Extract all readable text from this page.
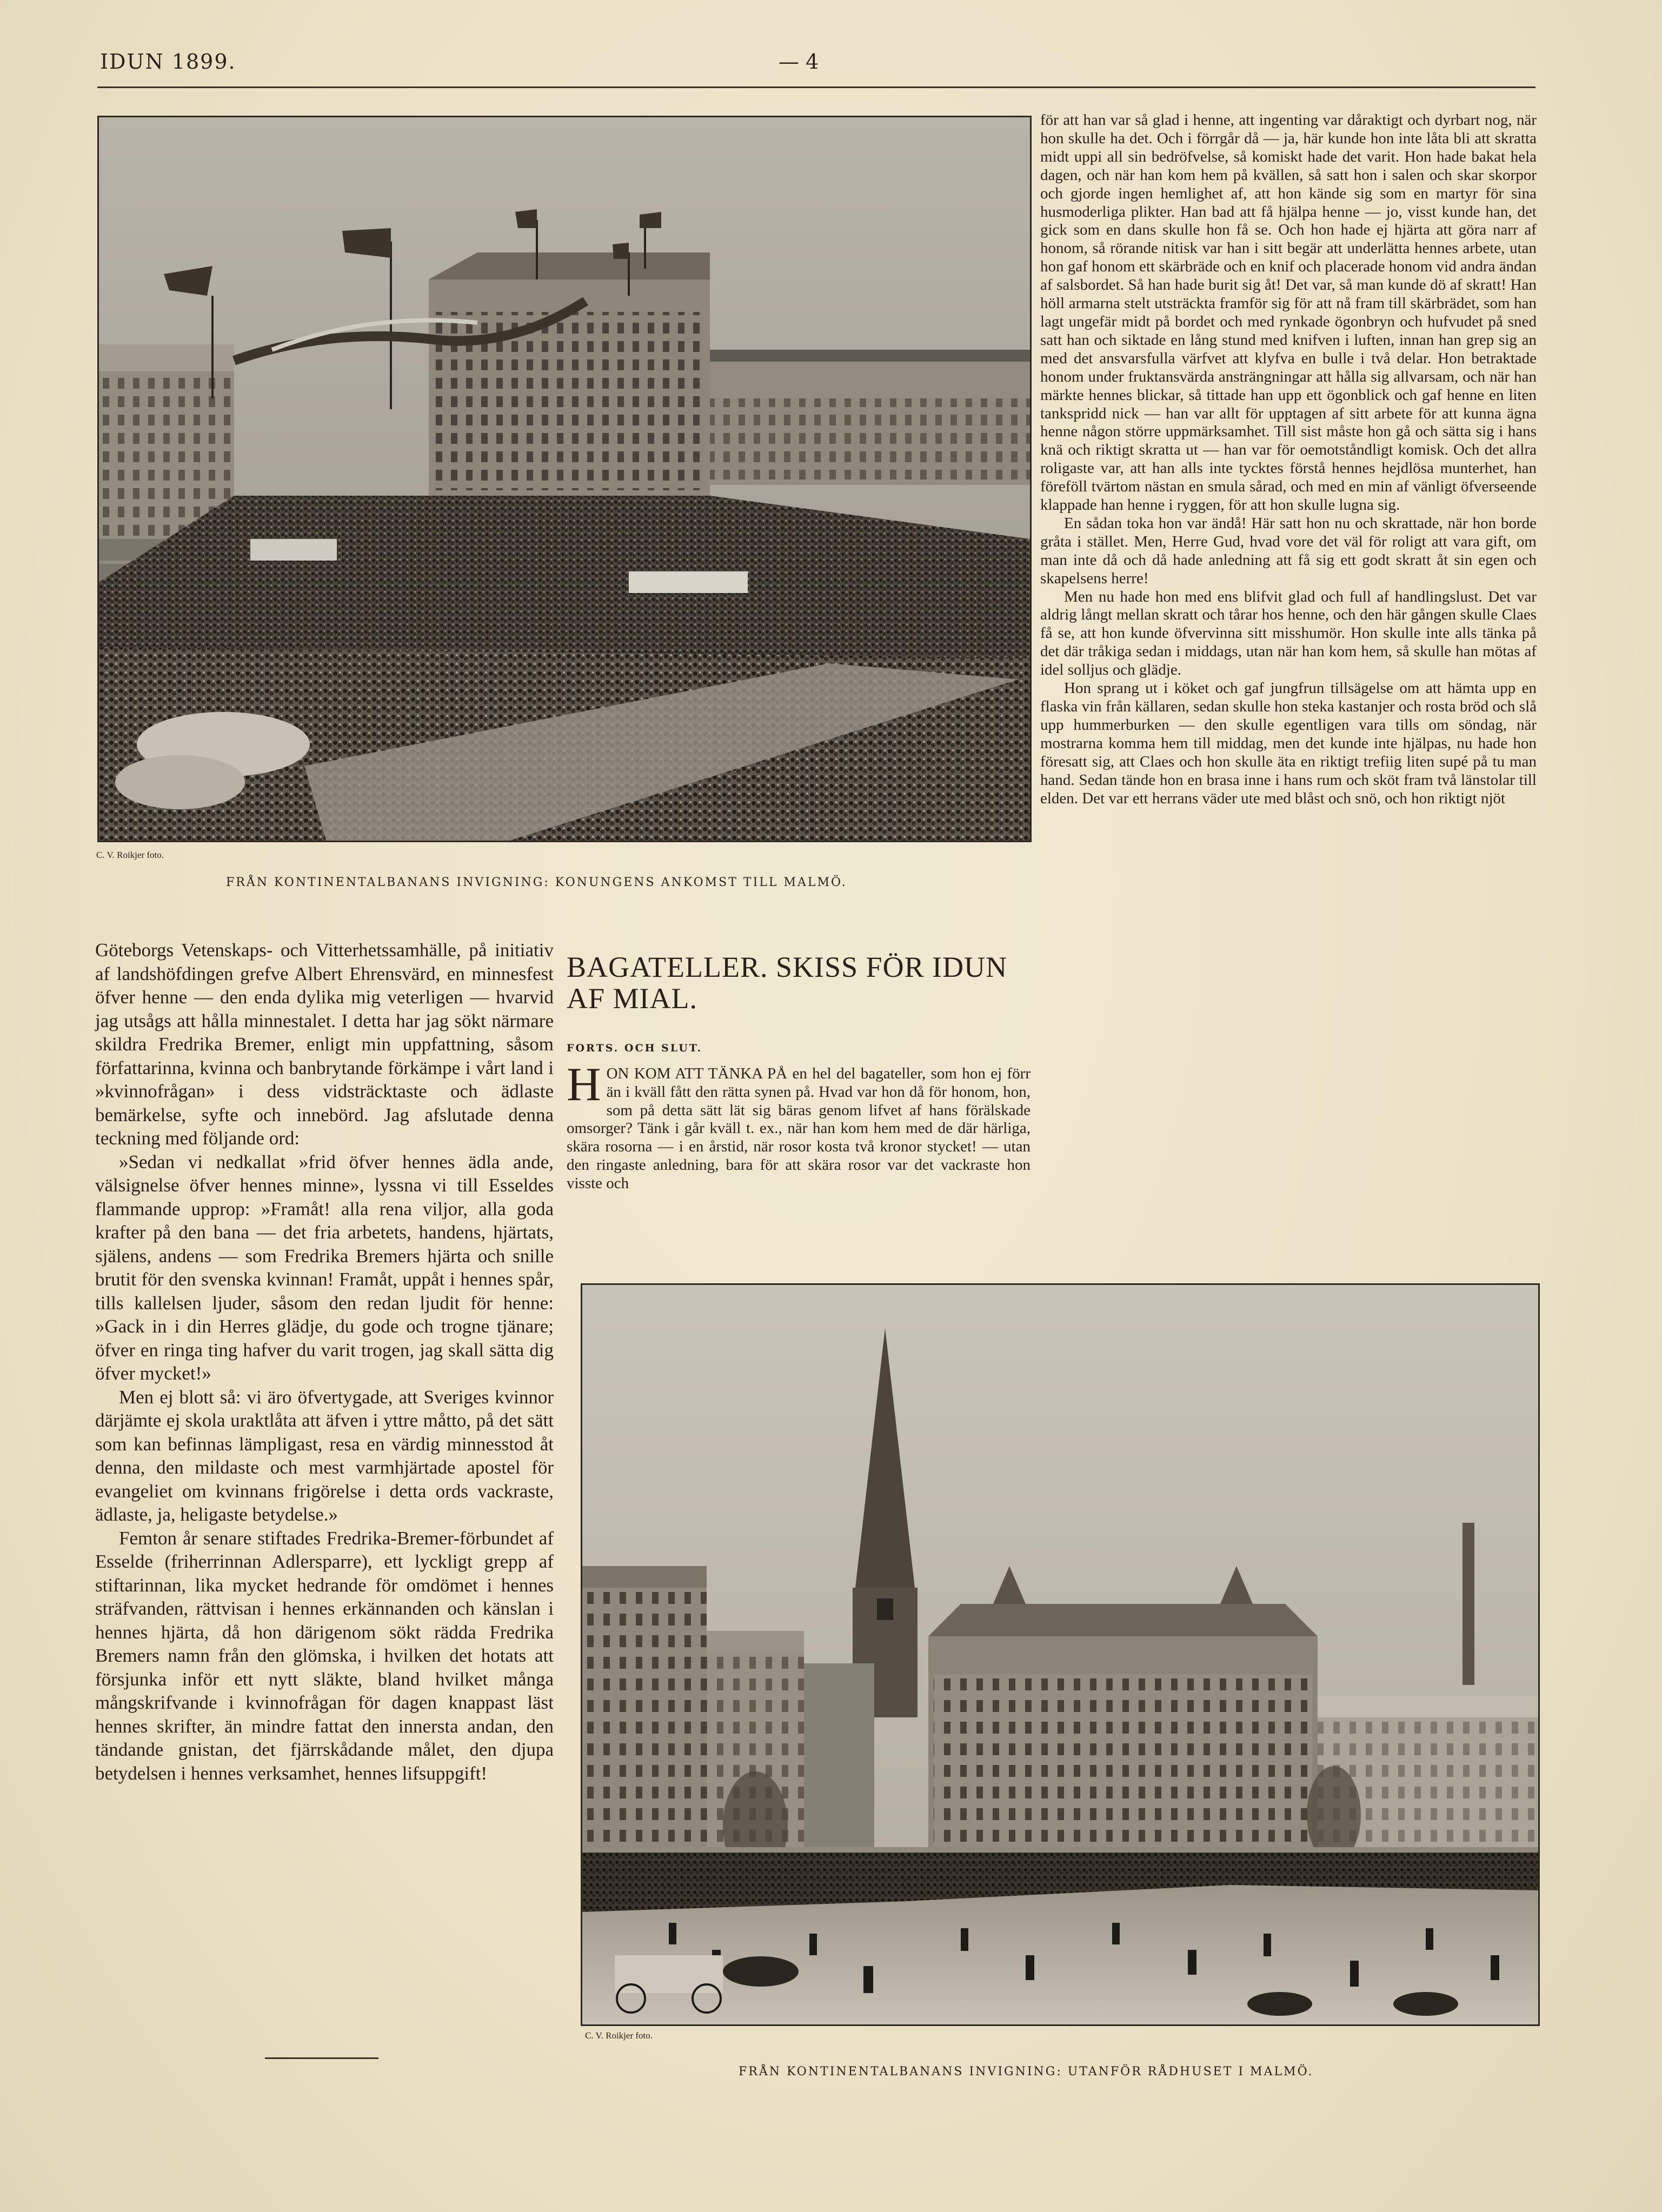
IDUN 1899.	— 4
C. V. Roikjer foto.
FRÅN KONTINENTALBANANS INVIGNING: KONUNGENS ANKOMST TILL MALMÖ.

Göteborgs Vetenskaps- och Vitterhetssamhälle, på initiativ af landshöfdingen grefve Albert Ehrensvärd, en minnesfest öfver henne — den enda dylika mig veterligen — hvarvid jag utsågs att hålla minnestalet. I detta har jag sökt närmare skildra Fredrika Bremer, enligt min uppfattning, såsom författarinna, kvinna och banbrytande förkämpe i vårt land i »kvinnofrågan» i dess vidsträcktaste och ädlaste bemärkelse, syfte och innebörd. Jag afslutade denna teckning med följande ord:

»Sedan vi nedkallat »frid öfver hennes ädla ande, välsignelse öfver hennes minne», lyssna vi till Esseldes flammande upprop: »Framåt! alla rena viljor, alla goda krafter på den bana — det fria arbetets, handens, hjärtats, själens, andens — som Fredrika Bremers hjärta och snille brutit för den svenska kvinnan! Framåt, uppåt i hennes spår, tills kallelsen ljuder, såsom den redan ljudit för henne: »Gack in i din Herres glädje, du gode och trogne tjänare; öfver en ringa ting hafver du varit trogen, jag skall sätta dig öfver mycket!»

Men ej blott så: vi äro öfvertygade, att Sveriges kvinnor därjämte ej skola uraktlåta att äfven i yttre måtto, på det sätt som kan befinnas lämpligast, resa en värdig minnesstod åt denna, den mildaste och mest varmhjärtade apostel för evangeliet om kvinnans frigörelse i detta ords vackraste, ädlaste, ja, heligaste betydelse.»

Femton år senare stiftades Fredrika-Bremer-förbundet af Esselde (friherrinnan Adlersparre), ett lyckligt grepp af stiftarinnan, lika mycket hedrande för omdömet i hennes sträfvanden, rättvisan i hennes erkännanden och känslan i hennes hjärta, då hon därigenom sökt rädda Fredrika Bremers namn från den glömska, i hvilken det hotats att försjunka inför ett nytt släkte, bland hvilket många mångskrifvande i kvinnofrågan för dagen knappast läst hennes skrifter, än mindre fattat den innersta andan, den tändande gnistan, det fjärrskådande målet, den djupa betydelsen i hennes verksamhet, hennes lifsuppgift!

BAGATELLER. SKISS FÖR IDUN AF MIAL.
FORTS. OCH SLUT.

HON KOM ATT TÄNKA PÅ en hel del bagateller, som hon ej förr än i kväll fått den rätta synen på. Hvad var hon då för honom, hon, som på detta sätt lät sig bäras genom lifvet af hans förälskade omsorger? Tänk i går kväll t. ex., när han kom hem med de där härliga, skära rosorna — i en årstid, när rosor kosta två kronor stycket! — utan den ringaste anledning, bara för att skära rosor var det vackraste hon visste och

för att han var så glad i henne, att ingenting var dåraktigt och dyrbart nog, när hon skulle ha det. Och i förrgår då — ja, här kunde hon inte låta bli att skratta midt uppi all sin bedröfvelse, så komiskt hade det varit. Hon hade bakat hela dagen, och när han kom hem på kvällen, så satt hon i salen och skar skorpor och gjorde ingen hemlighet af, att hon kände sig som en martyr för sina husmoderliga plikter. Han bad att få hjälpa henne — jo, visst kunde han, det gick som en dans skulle hon få se. Och hon hade ej hjärta att göra narr af honom, så rörande nitisk var han i sitt begär att underlätta hennes arbete, utan hon gaf honom ett skärbräde och en knif och placerade honom vid andra ändan af salsbordet. Så han hade burit sig åt! Det var, så man kunde dö af skratt! Han höll armarna stelt utsträckta framför sig för att nå fram till skärbrädet, som han lagt ungefär midt på bordet och med rynkade ögonbryn och hufvudet på sned satt han och siktade en lång stund med knifven i luften, innan han grep sig an med det ansvarsfulla värfvet att klyfva en bulle i två delar. Hon betraktade honom under fruktansvärda ansträngningar att hålla sig allvarsam, och när han märkte hennes blickar, så tittade han upp ett ögonblick och gaf henne en liten tankspridd nick — han var allt för upptagen af sitt arbete för att kunna ägna henne någon större uppmärksamhet. Till sist måste hon gå och sätta sig i hans knä och riktigt skratta ut — han var för oemotståndligt komisk. Och det allra roligaste var, att han alls inte tycktes förstå hennes hejdlösa munterhet, han föreföll tvärtom nästan en smula sårad, och med en min af vänligt öfverseende klappade han henne i ryggen, för att hon skulle lugna sig.

En sådan toka hon var ändå! Här satt hon nu och skrattade, när hon borde gråta i stället. Men, Herre Gud, hvad vore det väl för roligt att vara gift, om man inte då och då hade anledning att få sig ett godt skratt åt sin egen och skapelsens herre!

Men nu hade hon med ens blifvit glad och full af handlingslust. Det var aldrig långt mellan skratt och tårar hos henne, och den här gången skulle Claes få se, att hon kunde öfvervinna sitt misshumör. Hon skulle inte alls tänka på det där tråkiga sedan i middags, utan när han kom hem, så skulle han mötas af idel solljus och glädje.

Hon sprang ut i köket och gaf jungfrun tillsägelse om att hämta upp en flaska vin från källaren, sedan skulle hon steka kastanjer och rosta bröd och slå upp hummerburken — den skulle egentligen vara tills om söndag, när mostrarna komma hem till middag, men det kunde inte hjälpas, nu hade hon föresatt sig, att Claes och hon skulle äta en riktigt trefiig liten supé på tu man hand. Sedan tände hon en brasa inne i hans rum och sköt fram två länstolar till elden. Det var ett herrans väder ute med blåst och snö, och hon riktigt njöt

C. V. Roikjer foto.
FRÅN KONTINENTALBANANS INVIGNING: UTANFÖR RÅDHUSET I MALMÖ.
